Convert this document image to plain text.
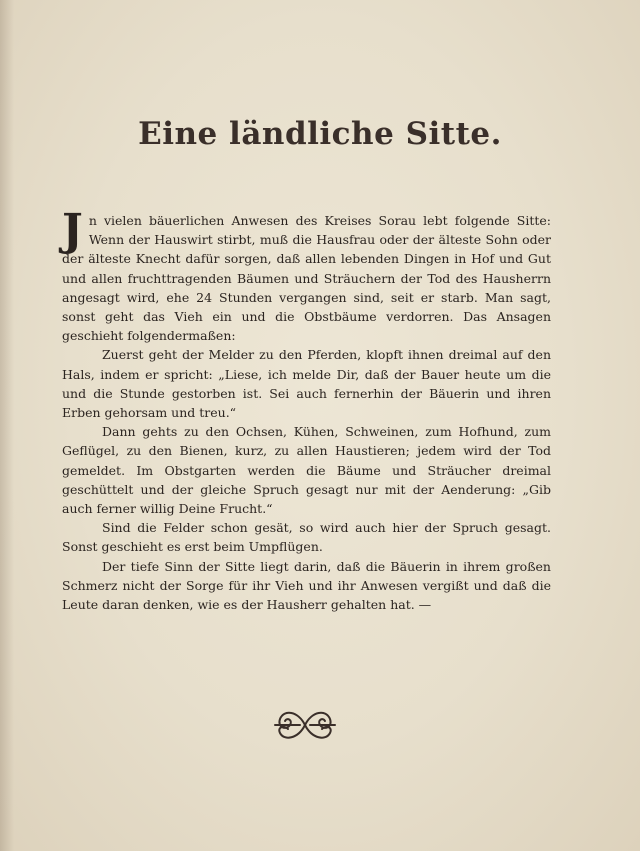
Eine ländliche Sitte.

Jn vielen bäuerlichen Anwesen des Kreises Sorau lebt folgende Sitte: Wenn der Hauswirt stirbt, muß die Hausfrau oder der älteste Sohn oder der älteste Knecht dafür sorgen, daß allen lebenden Dingen in Hof und Gut und allen fruchttragenden Bäumen und Sträuchern der Tod des Hausherrn angesagt wird, ehe 24 Stunden vergangen sind, seit er starb. Man sagt, sonst geht das Vieh ein und die Obstbäume verdorren. Das Ansagen geschieht folgendermaßen:

Zuerst geht der Melder zu den Pferden, klopft ihnen dreimal auf den Hals, indem er spricht: „Liese, ich melde Dir, daß der Bauer heute um die und die Stunde gestorben ist. Sei auch fernerhin der Bäuerin und ihren Erben gehorsam und treu.“

Dann gehts zu den Ochsen, Kühen, Schweinen, zum Hofhund, zum Geflügel, zu den Bienen, kurz, zu allen Haustieren; jedem wird der Tod gemeldet. Im Obstgarten werden die Bäume und Sträucher dreimal geschüttelt und der gleiche Spruch gesagt nur mit der Aenderung: „Gib auch ferner willig Deine Frucht.“

Sind die Felder schon gesät, so wird auch hier der Spruch gesagt. Sonst geschieht es erst beim Umpflügen.

Der tiefe Sinn der Sitte liegt darin, daß die Bäuerin in ihrem großen Schmerz nicht der Sorge für ihr Vieh und ihr Anwesen vergißt und daß die Leute daran denken, wie es der Hausherr gehalten hat. —
